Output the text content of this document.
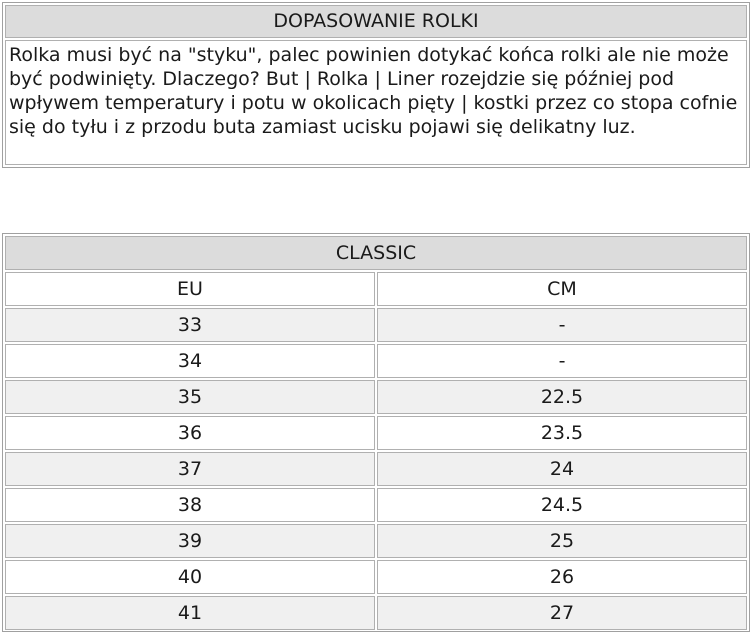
DOPASOWANIE ROLKI
Rolka musi być na "styku", palec powinien dotykać końca rolki ale nie może być podwinięty. Dlaczego? But | Rolka | Liner rozejdzie się później pod wpływem temperatury i potu w okolicach pięty | kostki przez co stopa cofnie się do tyłu i z przodu buta zamiast ucisku pojawi się delikatny luz.
CLASSIC
EU	CM
33	-
34	-
35	22.5
36	23.5
37	24
38	24.5
39	25
40	26
41	27
